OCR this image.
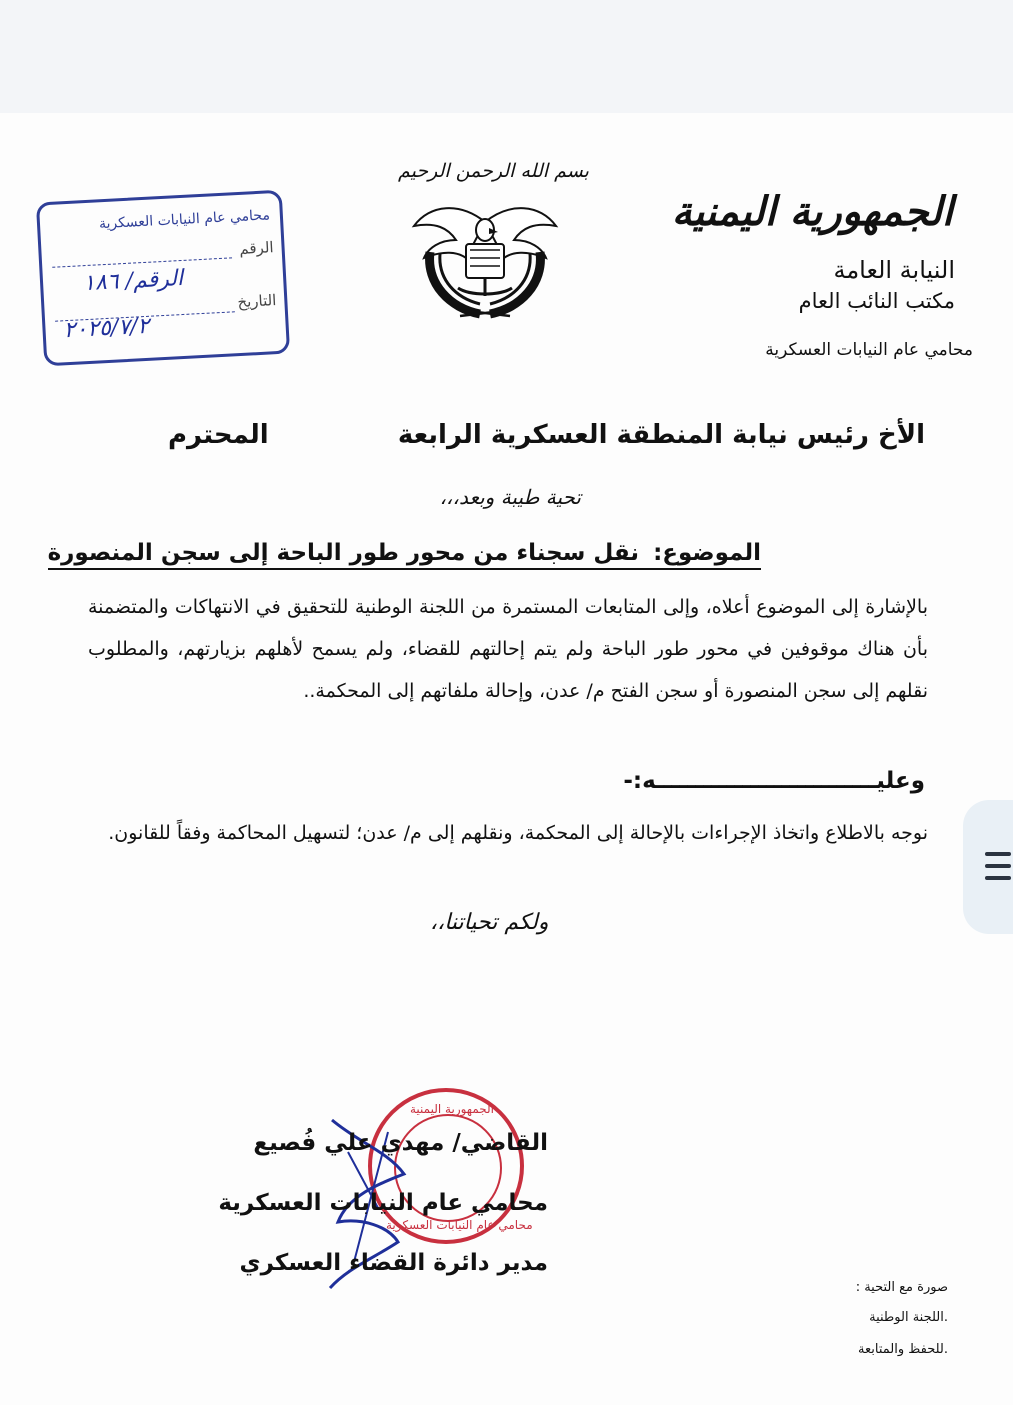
الجمهورية اليمنية
النيابة العامة
مكتب النائب العام
محامي عام النيابات العسكرية
بسم الله الرحمن الرحيم
محامي عام النيابات العسكرية
الرقم
التاريخ
الرقم/ ١٨٦
٢٠٢٥/٧/٢
الأخ رئيس نيابة المنطقة العسكرية الرابعة
المحترم
تحية طيبة وبعد،،،
الموضوع: نقل سجناء من محور طور الباحة إلى سجن المنصورة
بالإشارة إلى الموضوع أعلاه، وإلى المتابعات المستمرة من اللجنة الوطنية للتحقيق في الانتهاكات والمتضمنة بأن هناك موقوفين في محور طور الباحة ولم يتم إحالتهم للقضاء، ولم يسمح لأهلهم بزيارتهم، والمطلوب نقلهم إلى سجن المنصورة أو سجن الفتح م/ عدن، وإحالة ملفاتهم إلى المحكمة..
وعليــــــــــــــــــــــــــــه:-
نوجه بالاطلاع واتخاذ الإجراءات بالإحالة إلى المحكمة، ونقلهم إلى م/ عدن؛ لتسهيل المحاكمة وفقاً للقانون.
ولكم تحياتنا،،
الجمهورية اليمنية
محامي عام النيابات العسكرية
القاضي/ مهدي علي فُصيع
محامي عام النيابات العسكرية
مدير دائرة القضاء العسكري
صورة مع التحية :
.اللجنة الوطنية
.للحفظ والمتابعة
